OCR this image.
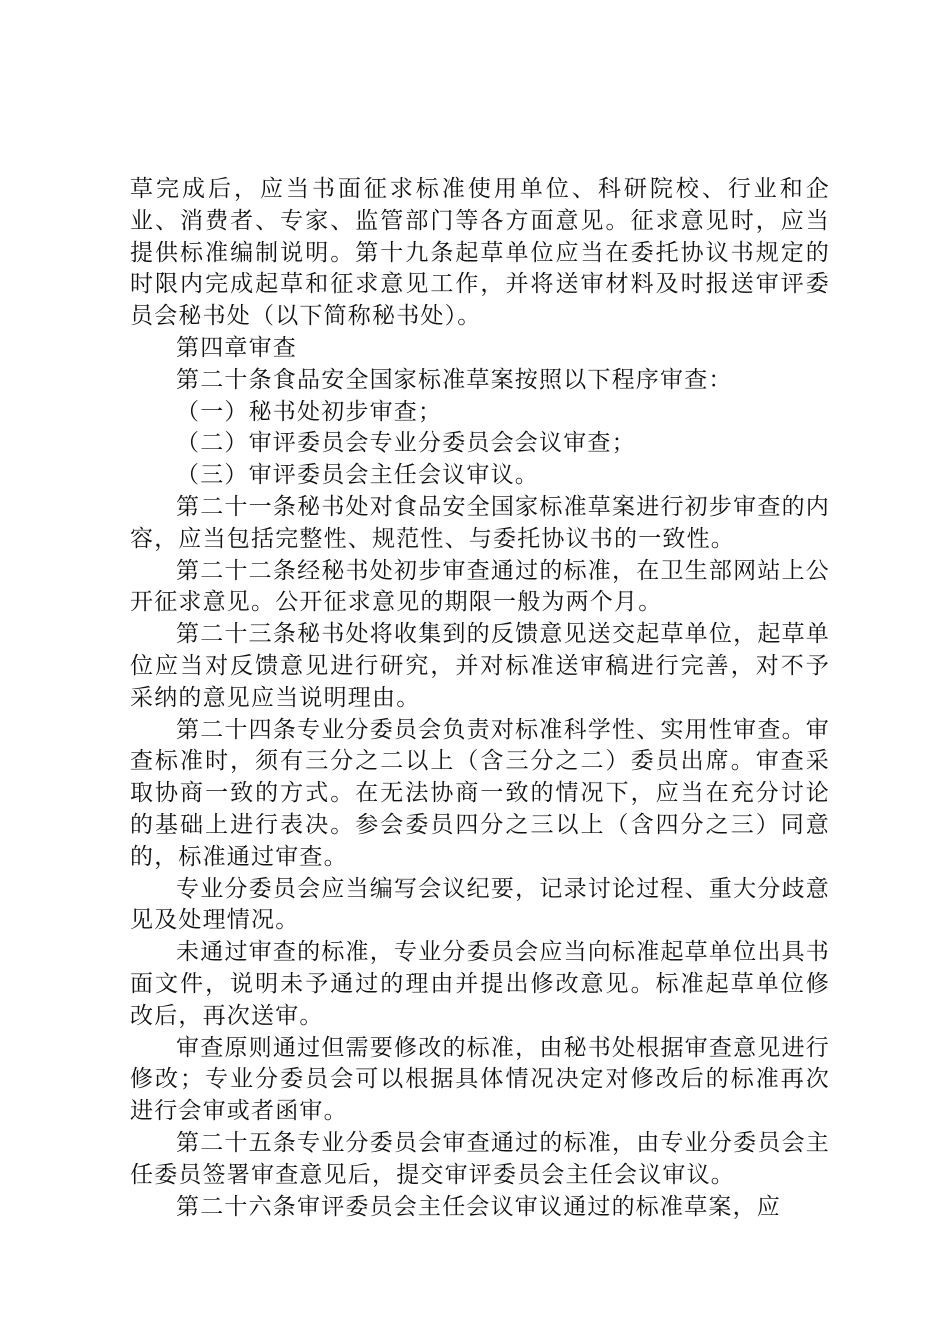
草完成后，应当书面征求标准使用单位、科研院校、行业和企业、消费者、专家、监管部门等各方面意见。征求意见时，应当提供标准编制说明。第十九条起草单位应当在委托协议书规定的时限内完成起草和征求意见工作，并将送审材料及时报送审评委员会秘书处（以下简称秘书处）。

第四章审查

第二十条食品安全国家标准草案按照以下程序审查：

（一）秘书处初步审查；

（二）审评委员会专业分委员会会议审查；

（三）审评委员会主任会议审议。

第二十一条秘书处对食品安全国家标准草案进行初步审查的内容，应当包括完整性、规范性、与委托协议书的一致性。

第二十二条经秘书处初步审查通过的标准，在卫生部网站上公开征求意见。公开征求意见的期限一般为两个月。

第二十三条秘书处将收集到的反馈意见送交起草单位，起草单位应当对反馈意见进行研究，并对标准送审稿进行完善，对不予采纳的意见应当说明理由。

第二十四条专业分委员会负责对标准科学性、实用性审查。审查标准时，须有三分之二以上（含三分之二）委员出席。审查采取协商一致的方式。在无法协商一致的情况下，应当在充分讨论的基础上进行表决。参会委员四分之三以上（含四分之三）同意的，标准通过审查。

专业分委员会应当编写会议纪要，记录讨论过程、重大分歧意见及处理情况。

未通过审查的标准，专业分委员会应当向标准起草单位出具书面文件，说明未予通过的理由并提出修改意见。标准起草单位修改后，再次送审。

审查原则通过但需要修改的标准，由秘书处根据审查意见进行修改；专业分委员会可以根据具体情况决定对修改后的标准再次进行会审或者函审。

第二十五条专业分委员会审查通过的标准，由专业分委员会主任委员签署审查意见后，提交审评委员会主任会议审议。

第二十六条审评委员会主任会议审议通过的标准草案，应
